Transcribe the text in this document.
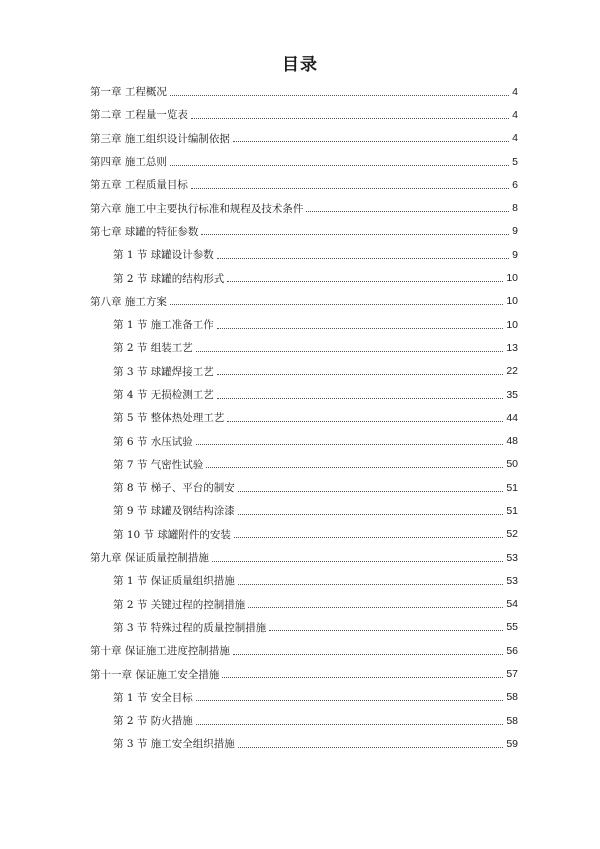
目录
第一章 工程概况	4
第二章 工程量一览表	4
第三章 施工组织设计编制依据	4
第四章 施工总则	5
第五章 工程质量目标	6
第六章 施工中主要执行标准和规程及技术条件	8
第七章 球罐的特征参数	9
第 1 节 球罐设计参数	9
第 2 节 球罐的结构形式	10
第八章 施工方案	10
第 1 节 施工准备工作	10
第 2 节 组装工艺	13
第 3 节 球罐焊接工艺	22
第 4 节 无损检测工艺	35
第 5 节 整体热处理工艺	44
第 6 节 水压试验	48
第 7 节 气密性试验	50
第 8 节 梯子、平台的制安	51
第 9 节 球罐及钢结构涂漆	51
第 10 节 球罐附件的安装	52
第九章 保证质量控制措施	53
第 1 节 保证质量组织措施	53
第 2 节 关键过程的控制措施	54
第 3 节 特殊过程的质量控制措施	55
第十章 保证施工进度控制措施	56
第十一章 保证施工安全措施	57
第 1 节 安全目标	58
第 2 节 防火措施	58
第 3 节 施工安全组织措施	59
